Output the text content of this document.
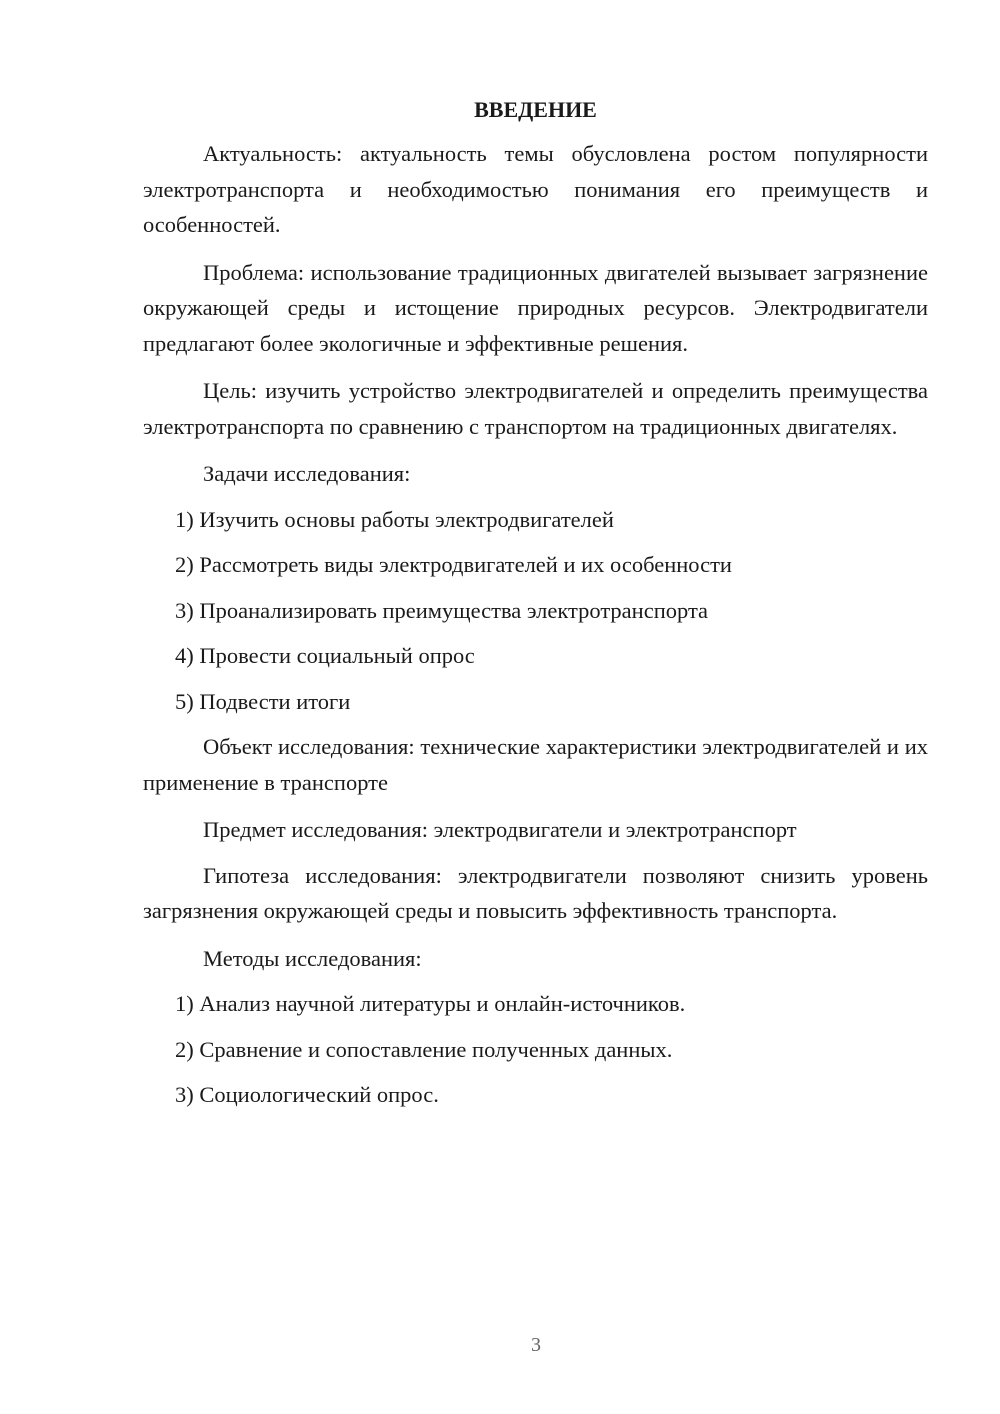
ВВЕДЕНИЕ

Актуальность: актуальность темы обусловлена ростом популярности электротранспорта и необходимостью понимания его преимуществ и особенностей.

Проблема: использование традиционных двигателей вызывает загрязнение окружающей среды и истощение природных ресурсов. Электродвигатели предлагают более экологичные и эффективные решения.

Цель: изучить устройство электродвигателей и определить преимущества электротранспорта по сравнению с транспортом на традиционных двигателях.

Задачи исследования:

1) Изучить основы работы электродвигателей
2) Рассмотреть виды электродвигателей и их особенности
3) Проанализировать преимущества электротранспорта
4) Провести социальный опрос
5) Подвести итоги

Объект исследования: технические характеристики электродвигателей и их применение в транспорте

Предмет исследования: электродвигатели и электротранспорт

Гипотеза исследования: электродвигатели позволяют снизить уровень загрязнения окружающей среды и повысить эффективность транспорта.

Методы исследования:

1) Анализ научной литературы и онлайн-источников.
2) Сравнение и сопоставление полученных данных.
3) Социологический опрос.
3
